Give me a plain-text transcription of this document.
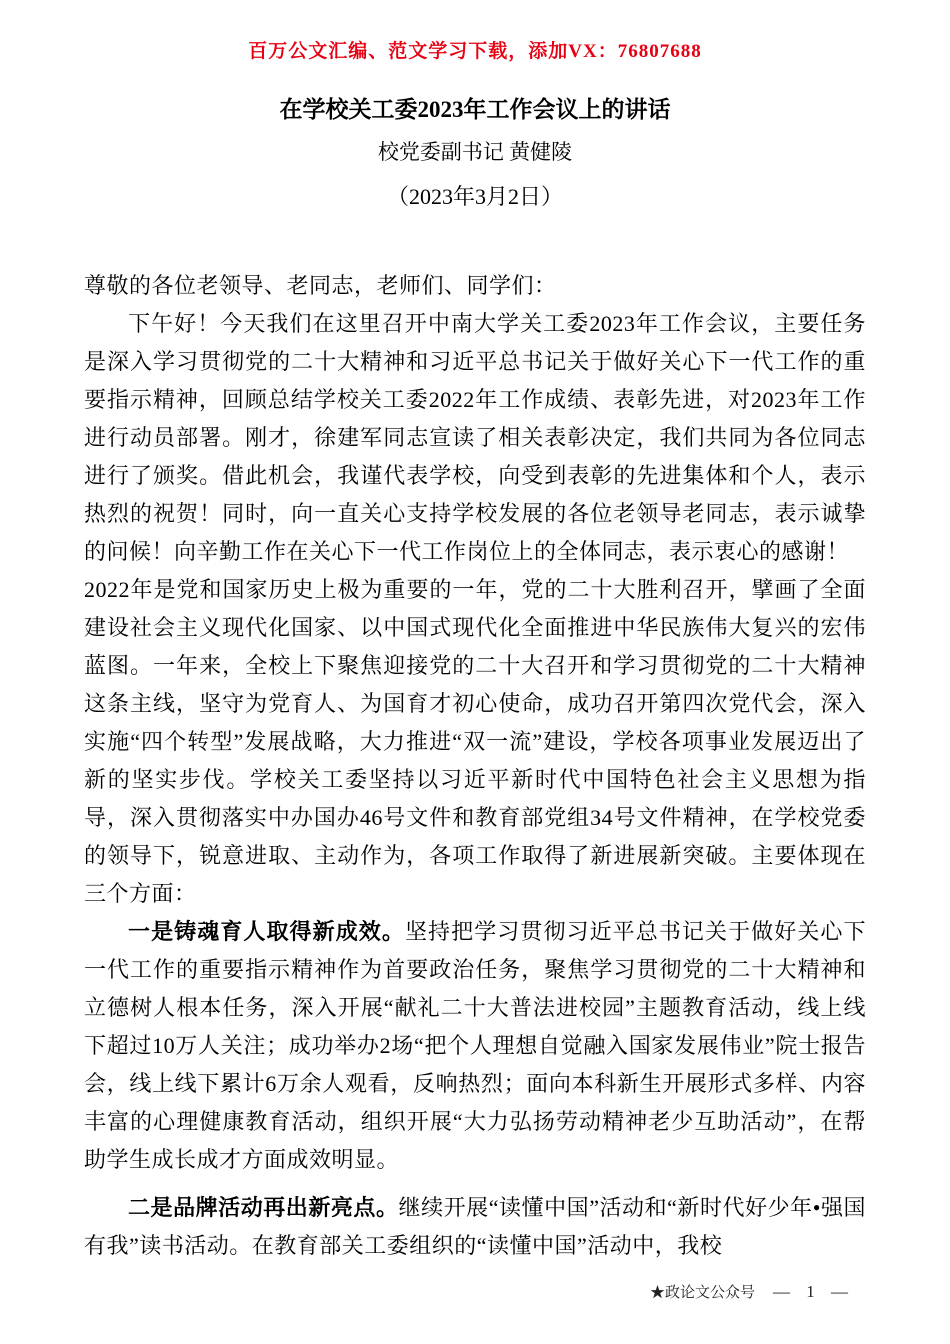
百万公文汇编、范文学习下载，添加VX：76807688
在学校关工委2023年工作会议上的讲话
校党委副书记 黄健陵
（2023年3月2日）

尊敬的各位老领导、老同志，老师们、同学们：

下午好！今天我们在这里召开中南大学关工委2023年工作会议，主要任务是深入学习贯彻党的二十大精神和习近平总书记关于做好关心下一代工作的重要指示精神，回顾总结学校关工委2022年工作成绩、表彰先进，对2023年工作进行动员部署。刚才，徐建军同志宣读了相关表彰决定，我们共同为各位同志进行了颁奖。借此机会，我谨代表学校，向受到表彰的先进集体和个人，表示热烈的祝贺！同时，向一直关心支持学校发展的各位老领导老同志，表示诚挚的问候！向辛勤工作在关心下一代工作岗位上的全体同志，表示衷心的感谢！

2022年是党和国家历史上极为重要的一年，党的二十大胜利召开，擘画了全面建设社会主义现代化国家、以中国式现代化全面推进中华民族伟大复兴的宏伟蓝图。一年来，全校上下聚焦迎接党的二十大召开和学习贯彻党的二十大精神这条主线，坚守为党育人、为国育才初心使命，成功召开第四次党代会，深入实施“四个转型”发展战略，大力推进“双一流”建设，学校各项事业发展迈出了新的坚实步伐。学校关工委坚持以习近平新时代中国特色社会主义思想为指导，深入贯彻落实中办国办46号文件和教育部党组34号文件精神，在学校党委的领导下，锐意进取、主动作为，各项工作取得了新进展新突破。主要体现在三个方面：

一是铸魂育人取得新成效。坚持把学习贯彻习近平总书记关于做好关心下一代工作的重要指示精神作为首要政治任务，聚焦学习贯彻党的二十大精神和立德树人根本任务，深入开展“献礼二十大普法进校园”主题教育活动，线上线下超过10万人关注；成功举办2场“把个人理想自觉融入国家发展伟业”院士报告会，线上线下累计6万余人观看，反响热烈；面向本科新生开展形式多样、内容丰富的心理健康教育活动，组织开展“大力弘扬劳动精神老少互助活动”，在帮助学生成长成才方面成效明显。

二是品牌活动再出新亮点。继续开展“读懂中国”活动和“新时代好少年•强国有我”读书活动。在教育部关工委组织的“读懂中国”活动中，我校

★政论文公众号 — 1 —
